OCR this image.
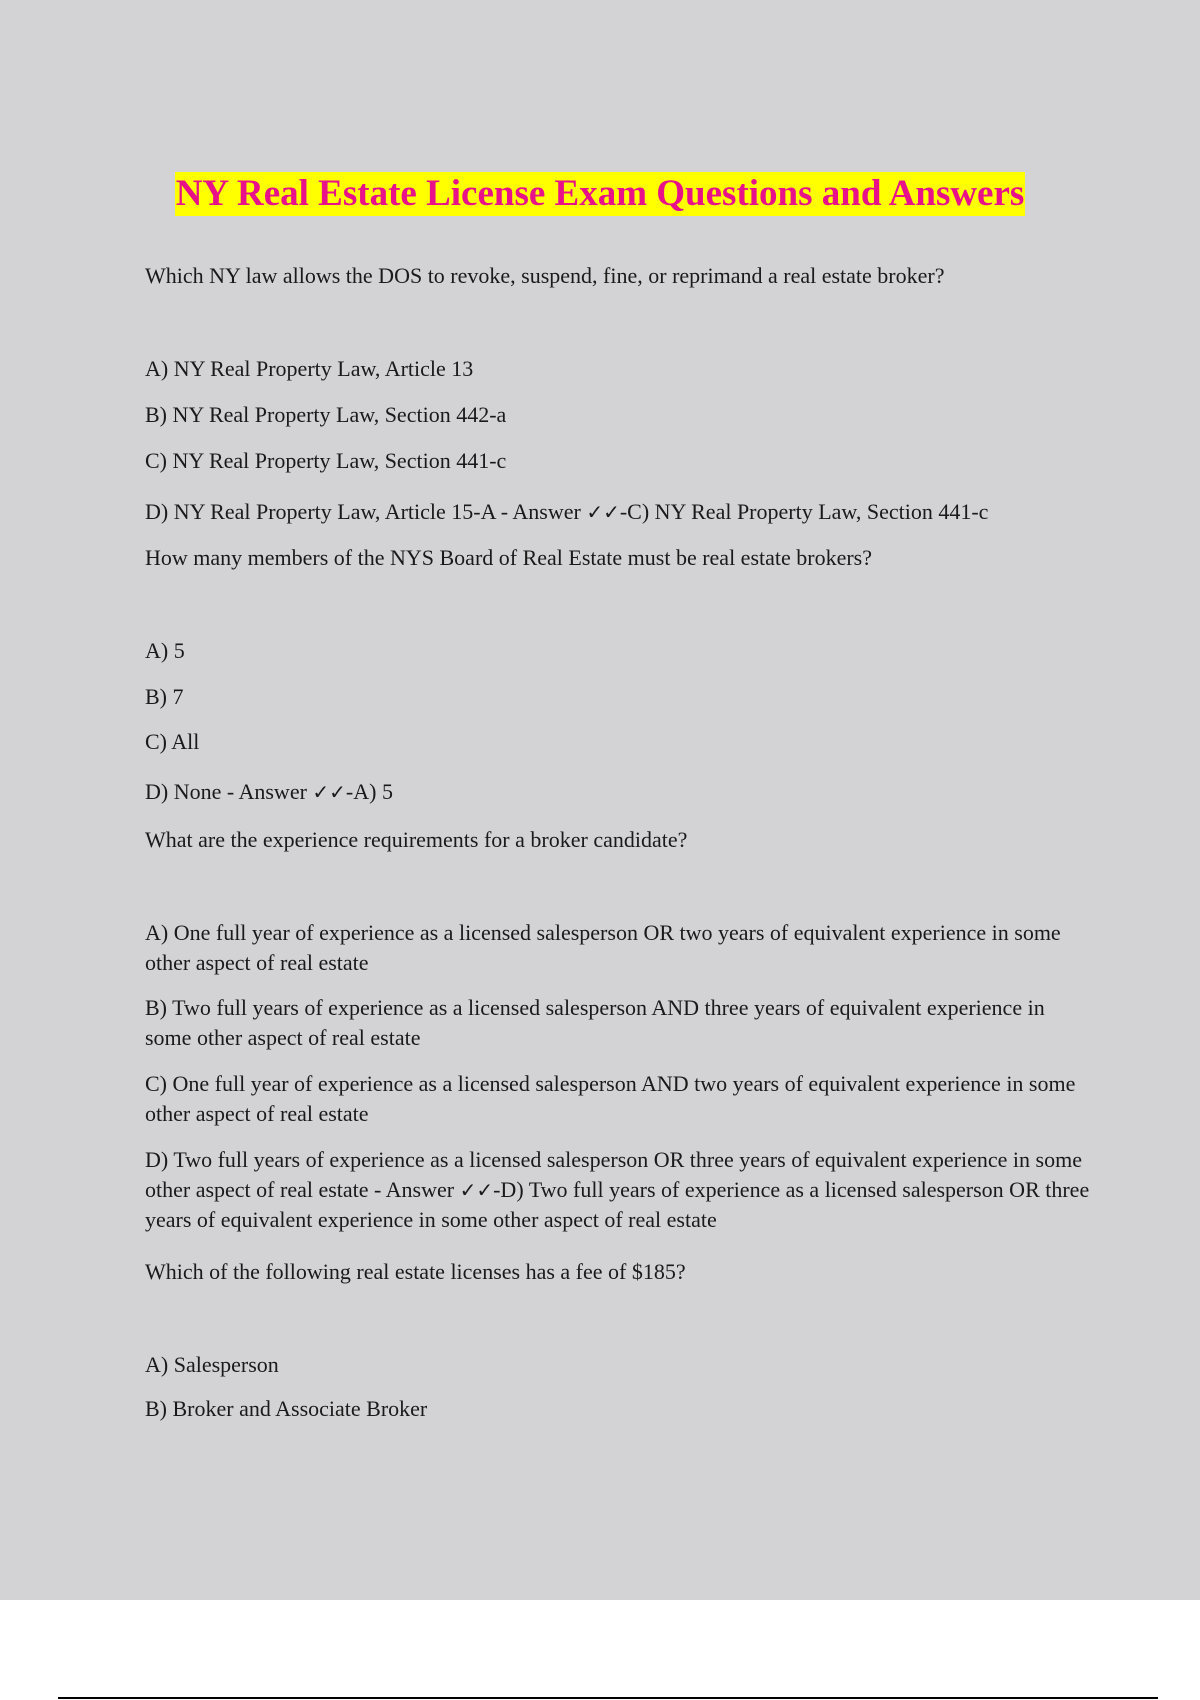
NY Real Estate License Exam Questions and Answers
Which NY law allows the DOS to revoke, suspend, fine, or reprimand a real estate broker?
A) NY Real Property Law, Article 13
B) NY Real Property Law, Section 442-a
C) NY Real Property Law, Section 441-c
D) NY Real Property Law, Article 15-A - Answer ✓✓-C) NY Real Property Law, Section 441-c
How many members of the NYS Board of Real Estate must be real estate brokers?
A) 5
B) 7
C) All
D) None - Answer ✓✓-A) 5
What are the experience requirements for a broker candidate?
A) One full year of experience as a licensed salesperson OR two years of equivalent experience in some other aspect of real estate
B) Two full years of experience as a licensed salesperson AND three years of equivalent experience in some other aspect of real estate
C) One full year of experience as a licensed salesperson AND two years of equivalent experience in some other aspect of real estate
D) Two full years of experience as a licensed salesperson OR three years of equivalent experience in some other aspect of real estate - Answer ✓✓-D) Two full years of experience as a licensed salesperson OR three years of equivalent experience in some other aspect of real estate
Which of the following real estate licenses has a fee of $185?
A) Salesperson
B) Broker and Associate Broker
